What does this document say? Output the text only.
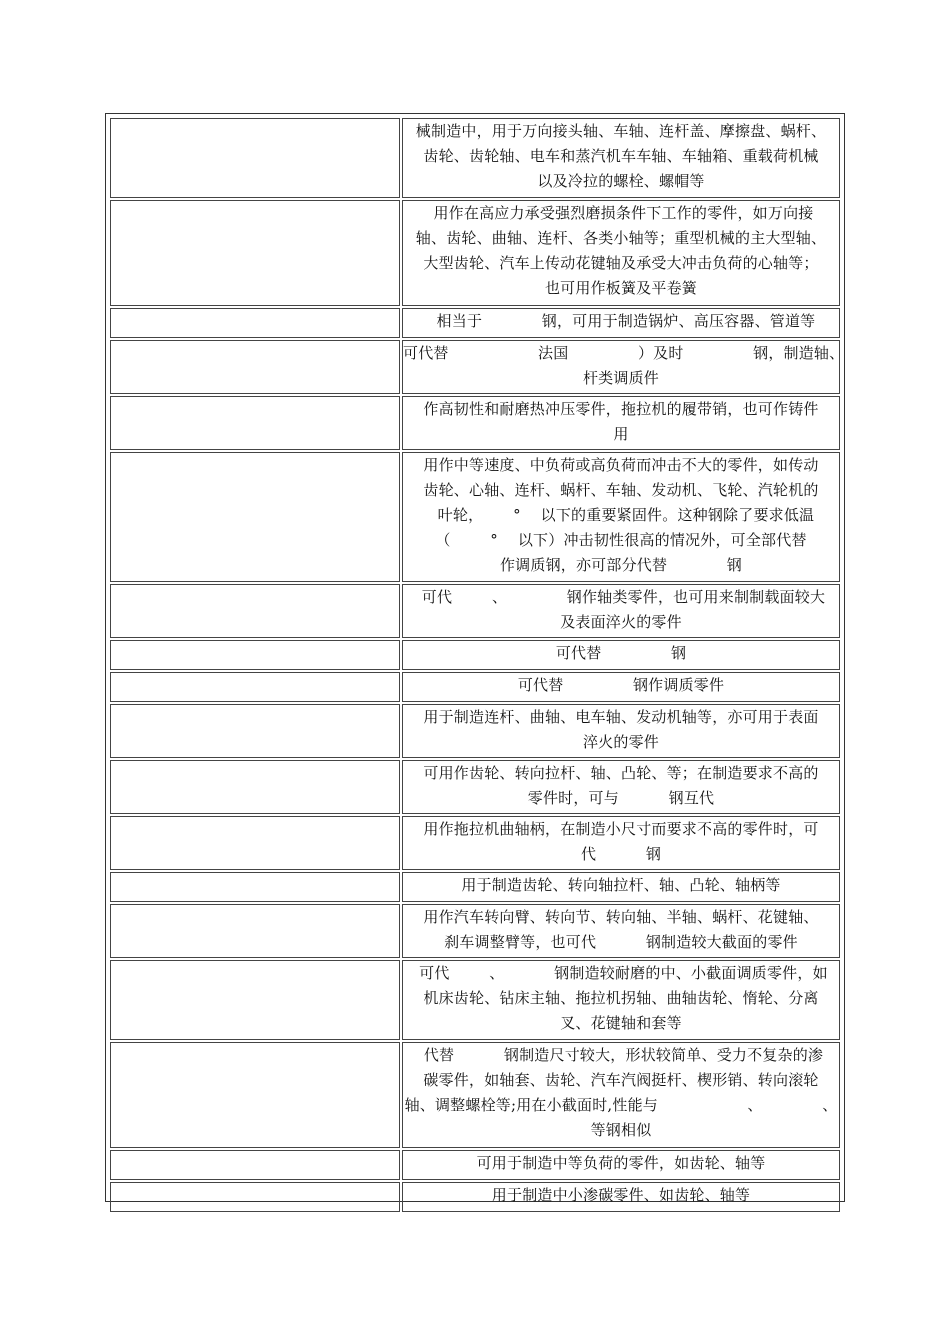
	械制造中，用于万向接头轴、车轴、连杆盖、摩擦盘、蜗杆、
齿轮、齿轮轴、电车和蒸汽机车车轴、车轴箱、重载荷机械
以及冷拉的螺栓、螺帽等

	用作在高应力承受强烈磨损条件下工作的零件，如万向接
轴、齿轮、曲轴、连杆、各类小轴等；重型机械的主大型轴、
大型齿轮、汽车上传动花键轴及承受大冲击负荷的心轴等；
也可用作板簧及平卷簧

	相当于            钢，可用于制造锅炉、高压容器、管道等

	可代替                  法国              ）及时              钢，制造轴、
杆类调质件

	作高韧性和耐磨热冲压零件，拖拉机的履带销，也可作铸件
用

	用作中等速度、中负荷或高负荷而冲击不大的零件，如传动
齿轮、心轴、连杆、蜗杆、车轴、发动机、飞轮、汽轮机的
叶轮，      °    以下的重要紧固件。这种钢除了要求低温
（        °    以下）冲击韧性很高的情况外，可全部代替
作调质钢，亦可部分代替            钢

	可代        、            钢作轴类零件，也可用来制制载面较大
及表面淬火的零件

	可代替              钢

	可代替              钢作调质零件

	用于制造连杆、曲轴、电车轴、发动机轴等，亦可用于表面
淬火的零件

	可用作齿轮、转向拉杆、轴、凸轮、等；在制造要求不高的
零件时，可与          钢互代

	用作拖拉机曲轴柄，在制造小尺寸而要求不高的零件时，可
代          钢

	用于制造齿轮、转向轴拉杆、轴、凸轮、轴柄等

	用作汽车转向臂、转向节、转向轴、半轴、蜗杆、花键轴、
刹车调整臂等，也可代          钢制造较大截面的零件

	可代        、          钢制造较耐磨的中、小截面调质零件，如
机床齿轮、钻床主轴、拖拉机拐轴、曲轴齿轮、惰轮、分离
叉、花键轴和套等

	代替          钢制造尺寸较大，形状较简单、受力不复杂的渗
碳零件，如轴套、齿轮、汽车汽阀挺杆、楔形销、转向滚轮
轴、调整螺栓等;用在小截面时,性能与                  、            、
等钢相似

	可用于制造中等负荷的零件，如齿轮、轴等

	用于制造中小渗碳零件、如齿轮、轴等
